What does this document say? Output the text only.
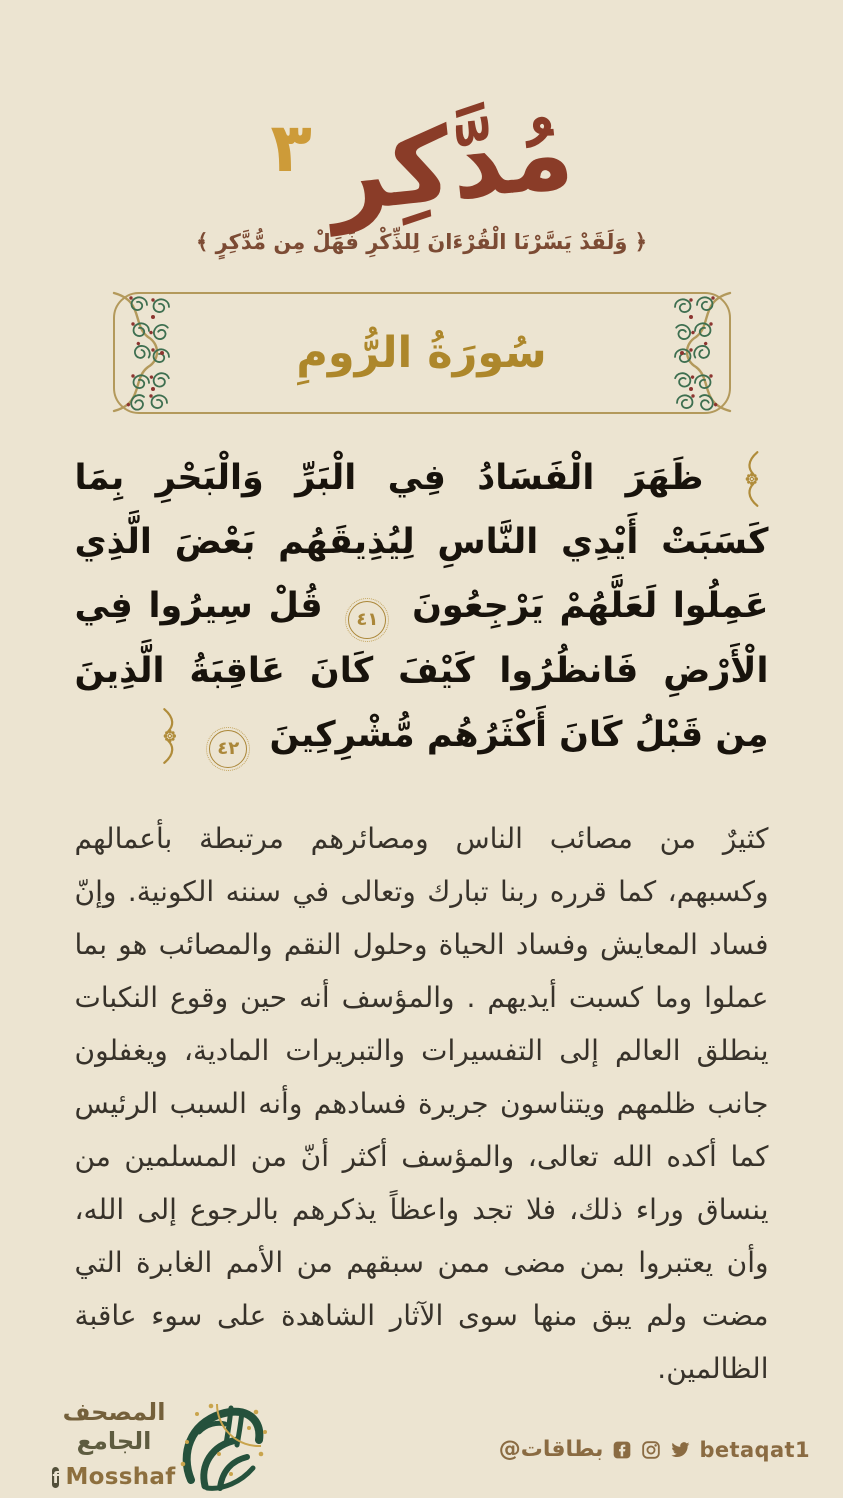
مُدَّكِر
٣
﴿ وَلَقَدْ يَسَّرْنَا الْقُرْءَانَ لِلذِّكْرِ فَهَلْ مِن مُّدَّكِرٍ ﴾
سُورَةُ الرُّومِ
ظَهَرَ الْفَسَادُ فِي الْبَرِّ وَالْبَحْرِ بِمَا كَسَبَتْ أَيْدِي النَّاسِ لِيُذِيقَهُم بَعْضَ الَّذِي عَمِلُوا لَعَلَّهُمْ يَرْجِعُونَ
٤١
قُلْ سِيرُوا فِي الْأَرْضِ فَانظُرُوا كَيْفَ كَانَ عَاقِبَةُ الَّذِينَ مِن قَبْلُ كَانَ أَكْثَرُهُم مُّشْرِكِينَ
٤٢

كثيرٌ من مصائب الناس ومصائرهم مرتبطة بأعمالهم وكسبهم، كما قرره ربنا تبارك وتعالى في سننه الكونية. وإنّ فساد المعايش وفساد الحياة وحلول النقم والمصائب هو بما عملوا وما كسبت أيديهم . والمؤسف أنه حين وقوع النكبات ينطلق العالم إلى التفسيرات والتبريرات المادية، ويغفلون جانب ظلمهم ويتناسون جريرة فسادهم وأنه السبب الرئيس كما أكده الله تعالى، والمؤسف أكثر أنّ من المسلمين من ينساق وراء ذلك، فلا تجد واعظاً يذكرهم بالرجوع إلى الله، وأن يعتبروا بمن مضى ممن سبقهم من الأمم الغابرة التي مضت ولم يبق منها سوى الآثار الشاهدة على سوء عاقبة الظالمين.
المصحف
الجامع
f Mosshaf
@بطاقات	betaqat1
